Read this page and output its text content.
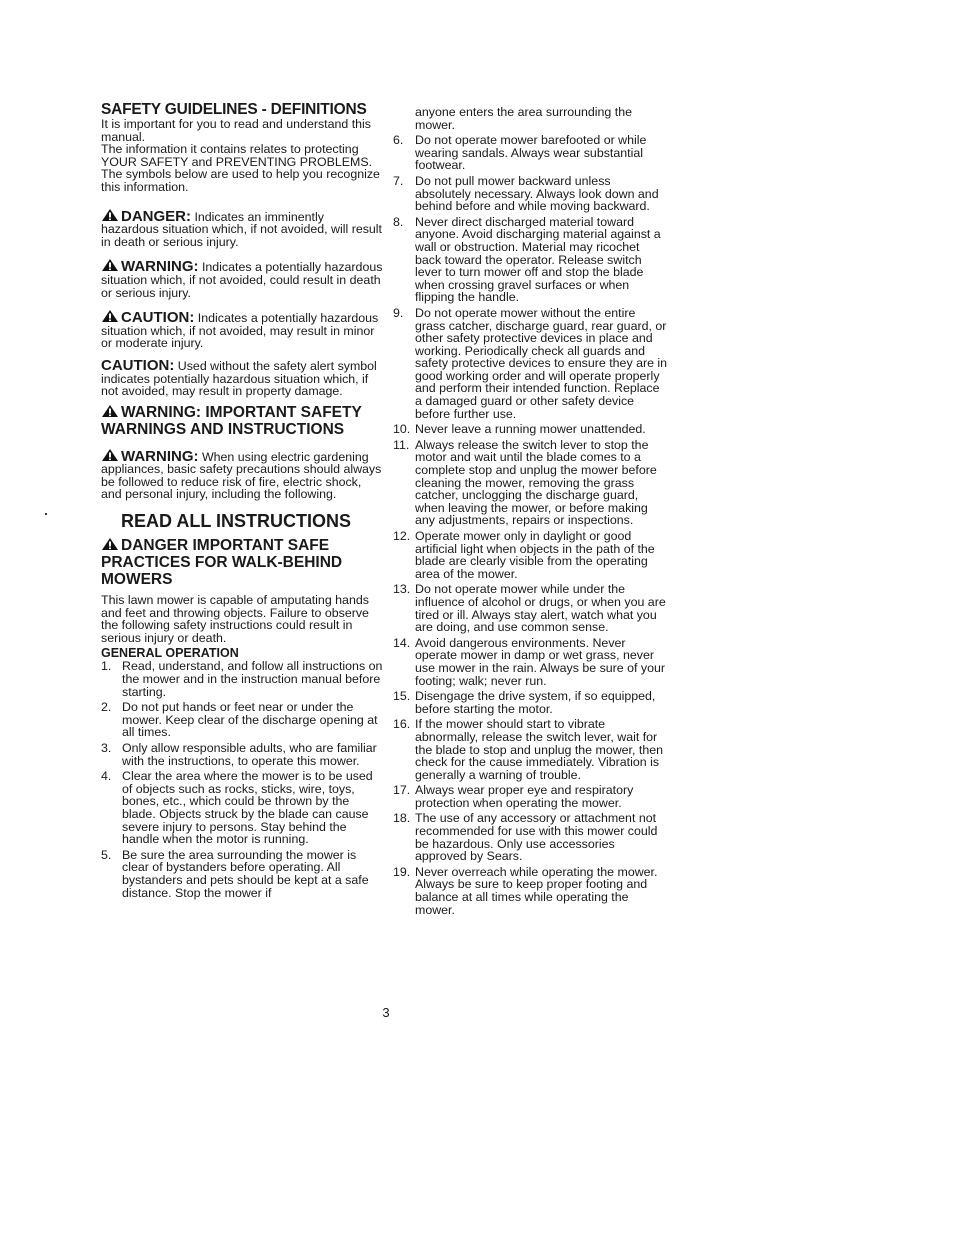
SAFETY GUIDELINES - DEFINITIONS

It is important for you to read and understand this manual.

The information it contains relates to protecting YOUR SAFETY and PREVENTING PROBLEMS. The symbols below are used to help you recognize this information.

DANGER: Indicates an imminently hazardous situation which, if not avoided, will result in death or serious injury.

WARNING: Indicates a potentially hazardous situation which, if not avoided, could result in death or serious injury.

CAUTION: Indicates a potentially hazardous situation which, if not avoided, may result in minor or moderate injury.

CAUTION: Used without the safety alert symbol indicates potentially hazardous situation which, if not avoided, may result in property damage.

WARNING: IMPORTANT SAFETY WARNINGS AND INSTRUCTIONS

WARNING: When using electric gardening appliances, basic safety precautions should always be followed to reduce risk of fire, electric shock, and personal injury, including the following.

READ ALL INSTRUCTIONS

DANGER IMPORTANT SAFE PRACTICES FOR WALK-BEHIND MOWERS

This lawn mower is capable of amputating hands and feet and throwing objects. Failure to observe the following safety instructions could result in serious injury or death.

GENERAL OPERATION

1. Read, understand, and follow all instructions on the mower and in the instruction manual before starting.
2. Do not put hands or feet near or under the mower. Keep clear of the discharge opening at all times.
3. Only allow responsible adults, who are familiar with the instructions, to operate this mower.
4. Clear the area where the mower is to be used of objects such as rocks, sticks, wire, toys, bones, etc., which could be thrown by the blade. Objects struck by the blade can cause severe injury to persons. Stay behind the handle when the motor is running.
5. Be sure the area surrounding the mower is clear of bystanders before operating. All bystanders and pets should be kept at a safe distance. Stop the mower if

anyone enters the area surrounding the mower.

6. Do not operate mower barefooted or while wearing sandals. Always wear substantial footwear.
7. Do not pull mower backward unless absolutely necessary. Always look down and behind before and while moving backward.
8. Never direct discharged material toward anyone. Avoid discharging material against a wall or obstruction. Material may ricochet back toward the operator. Release switch lever to turn mower off and stop the blade when crossing gravel surfaces or when flipping the handle.
9. Do not operate mower without the entire grass catcher, discharge guard, rear guard, or other safety protective devices in place and working. Periodically check all guards and safety protective devices to ensure they are in good working order and will operate properly and perform their intended function. Replace a damaged guard or other safety device before further use.
10. Never leave a running mower unattended.
11. Always release the switch lever to stop the motor and wait until the blade comes to a complete stop and unplug the mower before cleaning the mower, removing the grass catcher, unclogging the discharge guard, when leaving the mower, or before making any adjustments, repairs or inspections.
12. Operate mower only in daylight or good artificial light when objects in the path of the blade are clearly visible from the operating area of the mower.
13. Do not operate mower while under the influence of alcohol or drugs, or when you are tired or ill. Always stay alert, watch what you are doing, and use common sense.
14. Avoid dangerous environments. Never operate mower in damp or wet grass, never use mower in the rain. Always be sure of your footing; walk; never run.
15. Disengage the drive system, if so equipped, before starting the motor.
16. If the mower should start to vibrate abnormally, release the switch lever, wait for the blade to stop and unplug the mower, then check for the cause immediately. Vibration is generally a warning of trouble.
17. Always wear proper eye and respiratory protection when operating the mower.
18. The use of any accessory or attachment not recommended for use with this mower could be hazardous. Only use accessories approved by Sears.
19. Never overreach while operating the mower. Always be sure to keep proper footing and balance at all times while operating the mower.
3
